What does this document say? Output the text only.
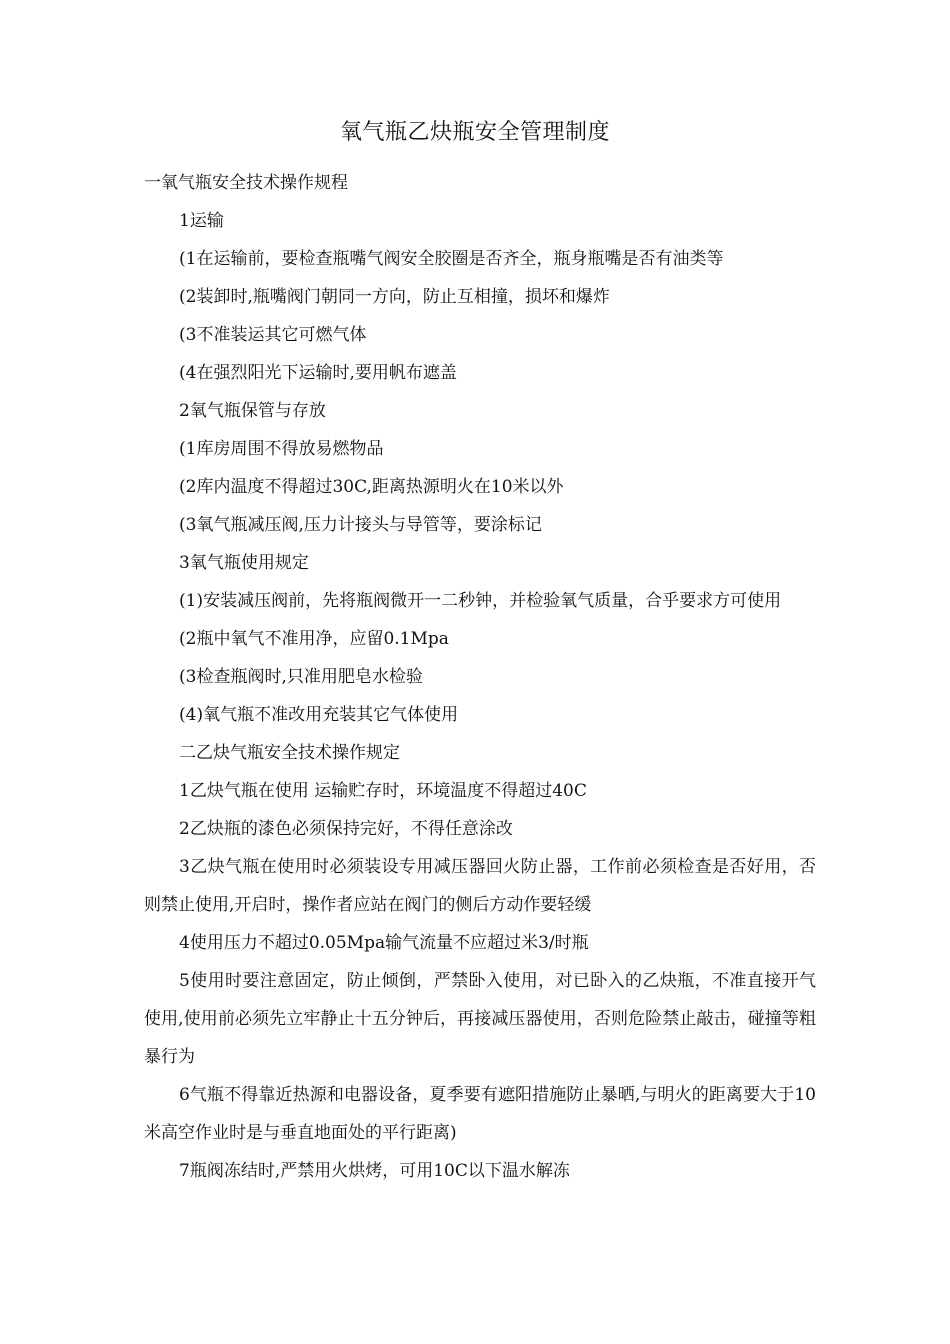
氧气瓶乙炔瓶安全管理制度

一氧气瓶安全技术操作规程

1运输

(1在运输前，要检查瓶嘴气阀安全胶圈是否齐全，瓶身瓶嘴是否有油类等

(2装卸时,瓶嘴阀门朝同一方向，防止互相撞，损坏和爆炸

(3不准装运其它可燃气体

(4在强烈阳光下运输时,要用帆布遮盖

2氧气瓶保管与存放

(1库房周围不得放易燃物品

(2库内温度不得超过30C,距离热源明火在10米以外

(3氧气瓶减压阀,压力计接头与导管等，要涂标记

3氧气瓶使用规定

(1)安装减压阀前，先将瓶阀微开一二秒钟，并检验氧气质量，合乎要求方可使用

(2瓶中氧气不准用净，应留0.1Mpa

(3检查瓶阀时,只准用肥皂水检验

(4)氧气瓶不准改用充装其它气体使用

二乙炔气瓶安全技术操作规定

1乙炔气瓶在使用 运输贮存时，环境温度不得超过40C

2乙炔瓶的漆色必须保持完好，不得任意涂改

3乙炔气瓶在使用时必须装设专用减压器回火防止器，工作前必须检查是否好用，否则禁止使用,开启时，操作者应站在阀门的侧后方动作要轻缓

4使用压力不超过0.05Mpa输气流量不应超过米3/时瓶

5使用时要注意固定，防止倾倒，严禁卧入使用，对已卧入的乙炔瓶，不准直接开气使用,使用前必须先立牢静止十五分钟后，再接减压器使用，否则危险禁止敲击，碰撞等粗暴行为

6气瓶不得靠近热源和电器设备，夏季要有遮阳措施防止暴晒,与明火的距离要大于10米高空作业时是与垂直地面处的平行距离)

7瓶阀冻结时,严禁用火烘烤，可用10C以下温水解冻
